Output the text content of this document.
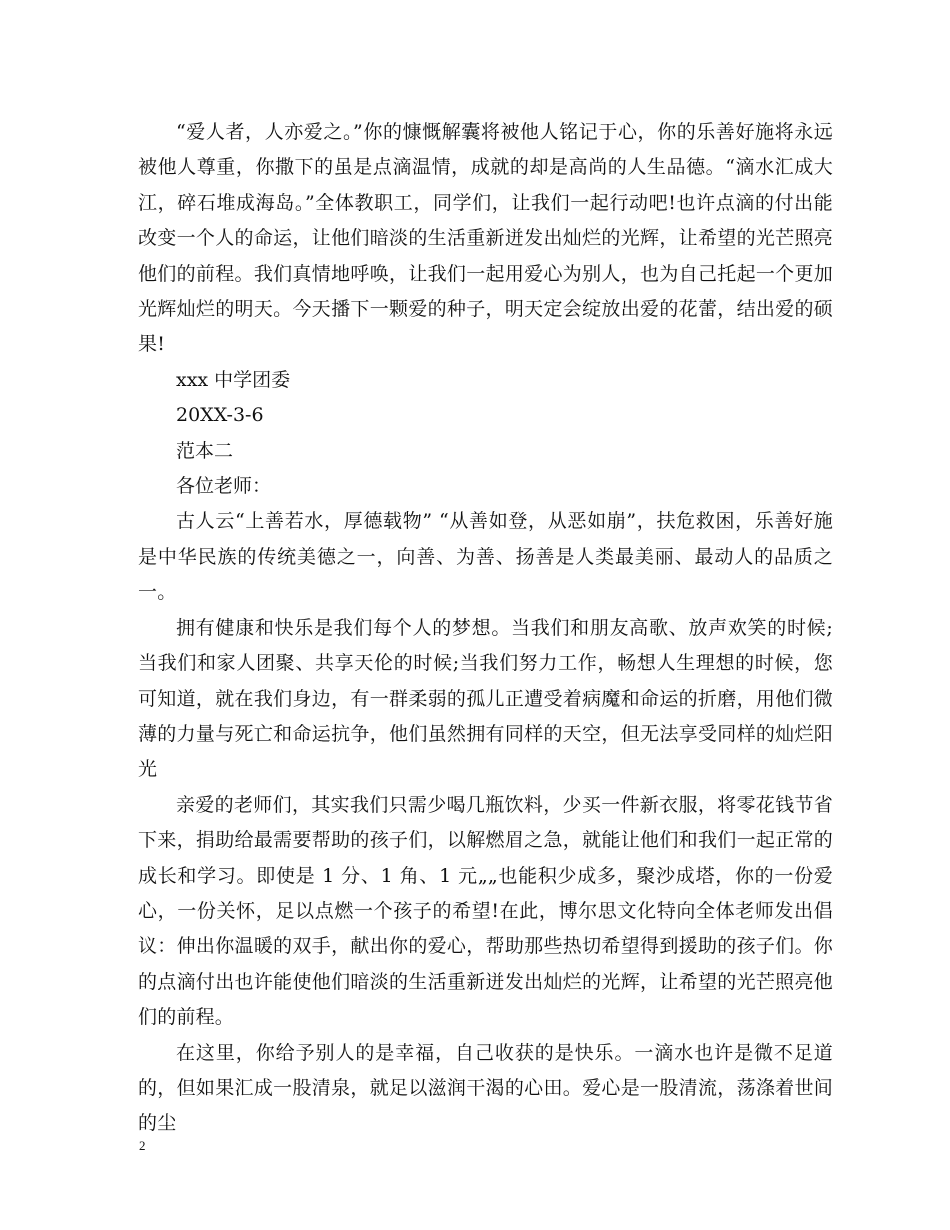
“爱人者，人亦爱之。”你的慷慨解囊将被他人铭记于心，你的乐善好施将永远被他人尊重，你撒下的虽是点滴温情，成就的却是高尚的人生品德。“滴水汇成大江，碎石堆成海岛。”全体教职工，同学们，让我们一起行动吧!也许点滴的付出能改变一个人的命运，让他们暗淡的生活重新迸发出灿烂的光辉，让希望的光芒照亮他们的前程。我们真情地呼唤，让我们一起用爱心为别人，也为自己托起一个更加光辉灿烂的明天。今天播下一颗爱的种子，明天定会绽放出爱的花蕾，结出爱的硕果!

xxx 中学团委

20XX-3-6

范本二

各位老师：

古人云“上善若水，厚德载物” “从善如登，从恶如崩”，扶危救困，乐善好施是中华民族的传统美德之一，向善、为善、扬善是人类最美丽、最动人的品质之一。

拥有健康和快乐是我们每个人的梦想。当我们和朋友高歌、放声欢笑的时候;当我们和家人团聚、共享天伦的时候;当我们努力工作，畅想人生理想的时候，您可知道，就在我们身边，有一群柔弱的孤儿正遭受着病魔和命运的折磨，用他们微薄的力量与死亡和命运抗争，他们虽然拥有同样的天空，但无法享受同样的灿烂阳光

亲爱的老师们，其实我们只需少喝几瓶饮料，少买一件新衣服，将零花钱节省下来，捐助给最需要帮助的孩子们，以解燃眉之急，就能让他们和我们一起正常的成长和学习。即使是 1 分、1 角、1 元„„也能积少成多，聚沙成塔，你的一份爱心，一份关怀，足以点燃一个孩子的希望!在此，博尔思文化特向全体老师发出倡议：伸出你温暖的双手，献出你的爱心，帮助那些热切希望得到援助的孩子们。你的点滴付出也许能使他们暗淡的生活重新迸发出灿烂的光辉，让希望的光芒照亮他们的前程。

在这里，你给予别人的是幸福，自己收获的是快乐。一滴水也许是微不足道的，但如果汇成一股清泉，就足以滋润干渴的心田。爱心是一股清流，荡涤着世间的尘

2
